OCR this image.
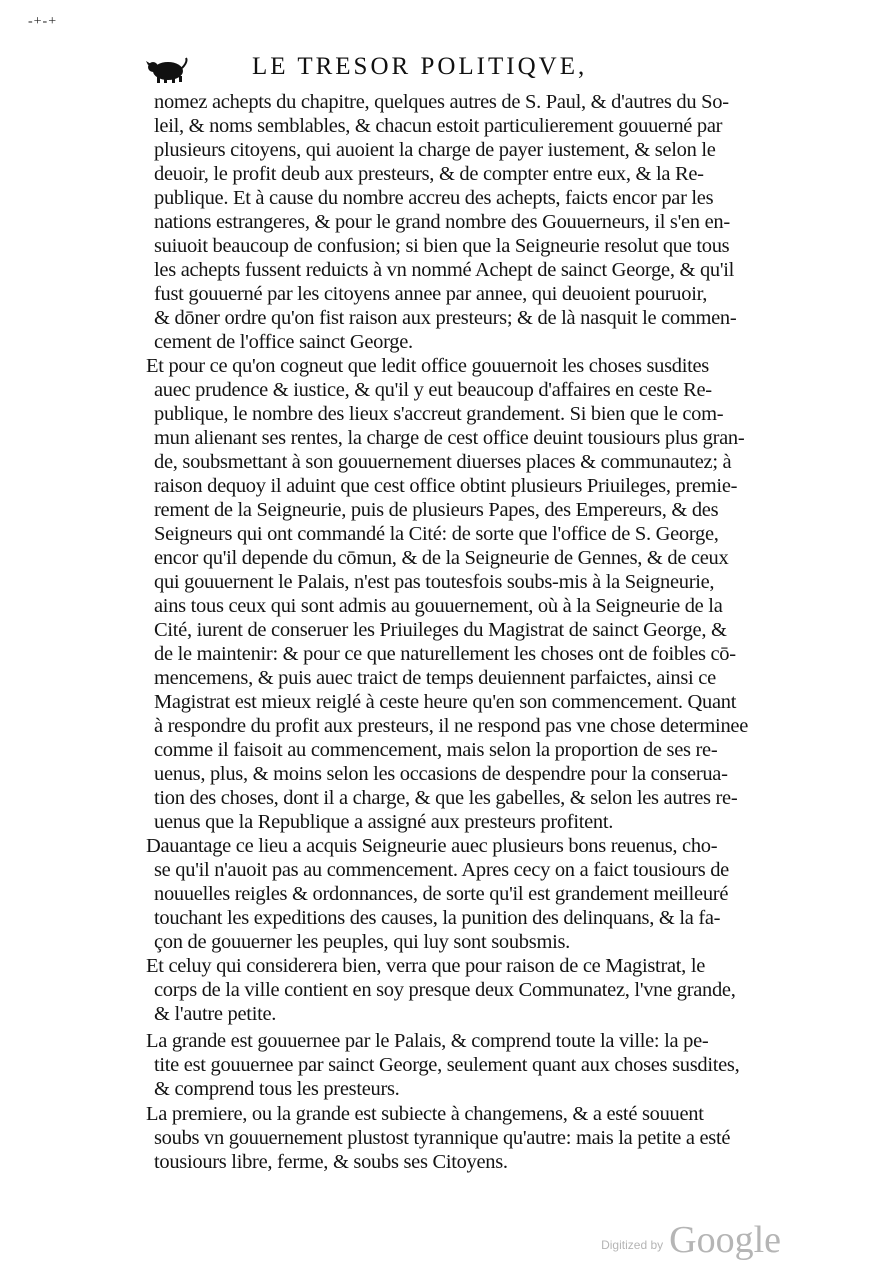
-+-+
LE TRESOR POLITIQVE,
nomez achepts du chapitre, quelques autres de S. Paul, & d'autres du So-
leil, & noms semblables, & chacun estoit particulierement gouuerné par
plusieurs citoyens, qui auoient la charge de payer iustement, & selon le
deuoir, le profit deub aux presteurs, & de compter entre eux, & la Re-
publique. Et à cause du nombre accreu des achepts, faicts encor par les
nations estrangeres, & pour le grand nombre des Gouuerneurs, il s'en en-
suiuoit beaucoup de confusion; si bien que la Seigneurie resolut que tous
les achepts fussent reduicts à vn nommé Achept de sainct George, & qu'il
fust gouuerné par les citoyens annee par annee, qui deuoient pouruoir,
& dōner ordre qu'on fist raison aux presteurs; & de là nasquit le commen-
cement de l'office sainct George.
Et pour ce qu'on cogneut que ledit office gouuernoit les choses susdites
auec prudence & iustice, & qu'il y eut beaucoup d'affaires en ceste Re-
publique, le nombre des lieux s'accreut grandement. Si bien que le com-
mun alienant ses rentes, la charge de cest office deuint tousiours plus gran-
de, soubsmettant à son gouuernement diuerses places & communautez; à
raison dequoy il aduint que cest office obtint plusieurs Priuileges, premie-
rement de la Seigneurie, puis de plusieurs Papes, des Empereurs, & des
Seigneurs qui ont commandé la Cité: de sorte que l'office de S. George,
encor qu'il depende du cōmun, & de la Seigneurie de Gennes, & de ceux
qui gouuernent le Palais, n'est pas toutesfois soubs-mis à la Seigneurie,
ains tous ceux qui sont admis au gouuernement, où à la Seigneurie de la
Cité, iurent de conseruer les Priuileges du Magistrat de sainct George, &
de le maintenir: & pour ce que naturellement les choses ont de foibles cō-
mencemens, & puis auec traict de temps deuiennent parfaictes, ainsi ce
Magistrat est mieux reiglé à ceste heure qu'en son commencement. Quant
à respondre du profit aux presteurs, il ne respond pas vne chose determinee
comme il faisoit au commencement, mais selon la proportion de ses re-
uenus, plus, & moins selon les occasions de despendre pour la conserua-
tion des choses, dont il a charge, & que les gabelles, & selon les autres re-
uenus que la Republique a assigné aux presteurs profitent.
Dauantage ce lieu a acquis Seigneurie auec plusieurs bons reuenus, cho-
se qu'il n'auoit pas au commencement. Apres cecy on a faict tousiours de
nouuelles reigles & ordonnances, de sorte qu'il est grandement meilleuré
touchant les expeditions des causes, la punition des delinquans, & la fa-
çon de gouuerner les peuples, qui luy sont soubsmis.
Et celuy qui considerera bien, verra que pour raison de ce Magistrat, le
corps de la ville contient en soy presque deux Communatez, l'vne grande,
& l'autre petite.
La grande est gouuernee par le Palais, & comprend toute la ville: la pe-
tite est gouuernee par sainct George, seulement quant aux choses susdites,
& comprend tous les presteurs.
La premiere, ou la grande est subiecte à changemens, & a esté souuent
soubs vn gouuernement plustost tyrannique qu'autre: mais la petite a esté
tousiours libre, ferme, & soubs ses Citoyens.
Digitized by Google
